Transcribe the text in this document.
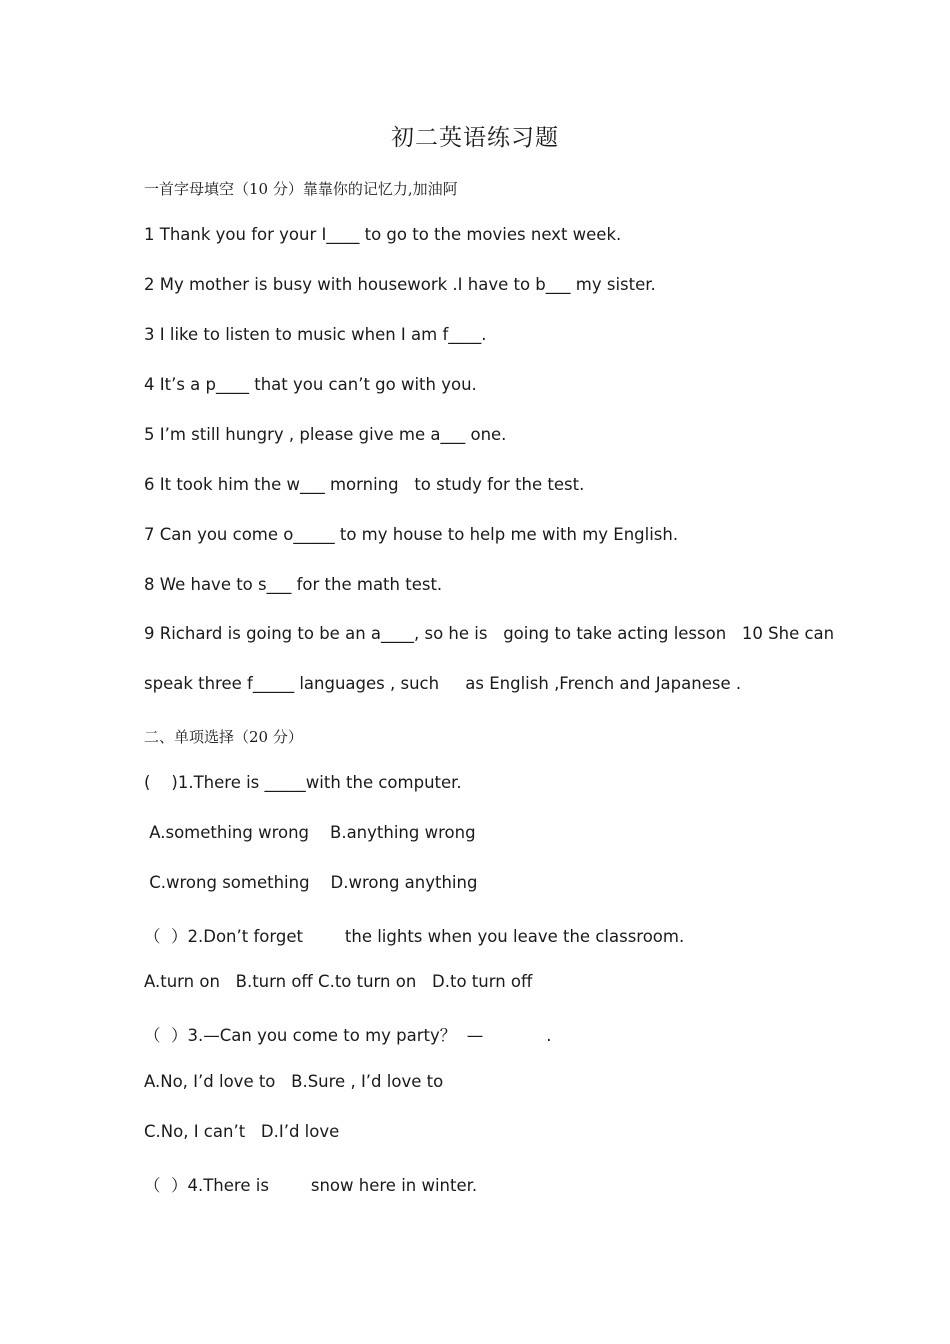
初二英语练习题
一首字母填空（10 分）靠靠你的记忆力,加油阿
1 Thank you for your I____ to go to the movies next week.
2 My mother is busy with housework .I have to b___ my sister.
3 I like to listen to music when I am f____.
4 It’s a p____ that you can’t go with you.
5 I’m still hungry , please give me a___ one.
6 It took him the w___ morning   to study for the test.
7 Can you come o_____ to my house to help me with my English.
8 We have to s___ for the math test.
9 Richard is going to be an a____, so he is   going to take acting lesson   10 She can
speak three f_____ languages , such     as English ,French and Japanese .
二、单项选择（20 分）
(    )1.There is _____with the computer.
A.something wrong    B.anything wrong
C.wrong something    D.wrong anything
（  ）2.Don’t forget        the lights when you leave the classroom.
A.turn on   B.turn off C.to turn on   D.to turn off
（  ）3.—Can you come to my party？  —            .
A.No, I’d love to   B.Sure , I’d love to
C.No, I can’t   D.I’d love
（  ）4.There is        snow here in winter.
